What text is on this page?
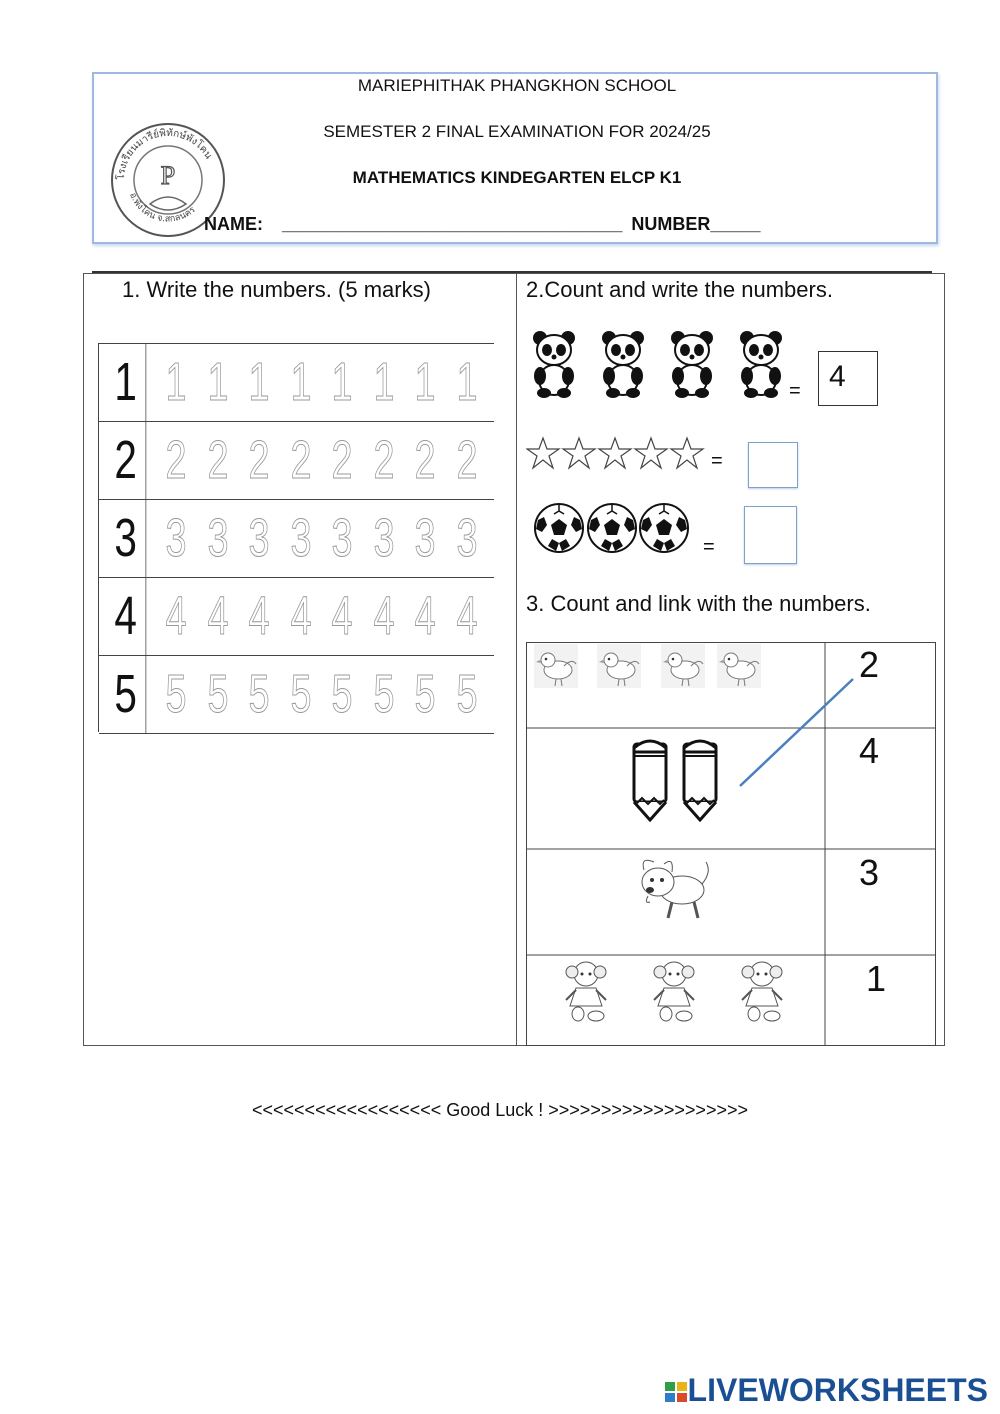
MARIEPHITHAK PHANGKHON SCHOOL
SEMESTER 2 FINAL EXAMINATION FOR 2024/25
MATHEMATICS KINDEGARTEN ELCP K1
โรงเรียนมารีย์พิทักษ์พังโคน
อ.พังโคน จ.สกลนคร
P
NAME: __________________________________ NUMBER_____
1. Write the numbers. (5 marks)
1 1 1 1 1 1 1 1 1
2 2 2 2 2 2 2 2 2
3 3 3 3 3 3 3 3 3
4 4 4 4 4 4 4 4 4
5 5 5 5 5 5 5 5 5
2.Count and write the numbers.
= 4
=
=
3. Count and link with the numbers.
2
4
3
1
<<<<<<<<<<<<<<<<<< Good Luck ! >>>>>>>>>>>>>>>>>>>
LIVEWORKSHEETS
